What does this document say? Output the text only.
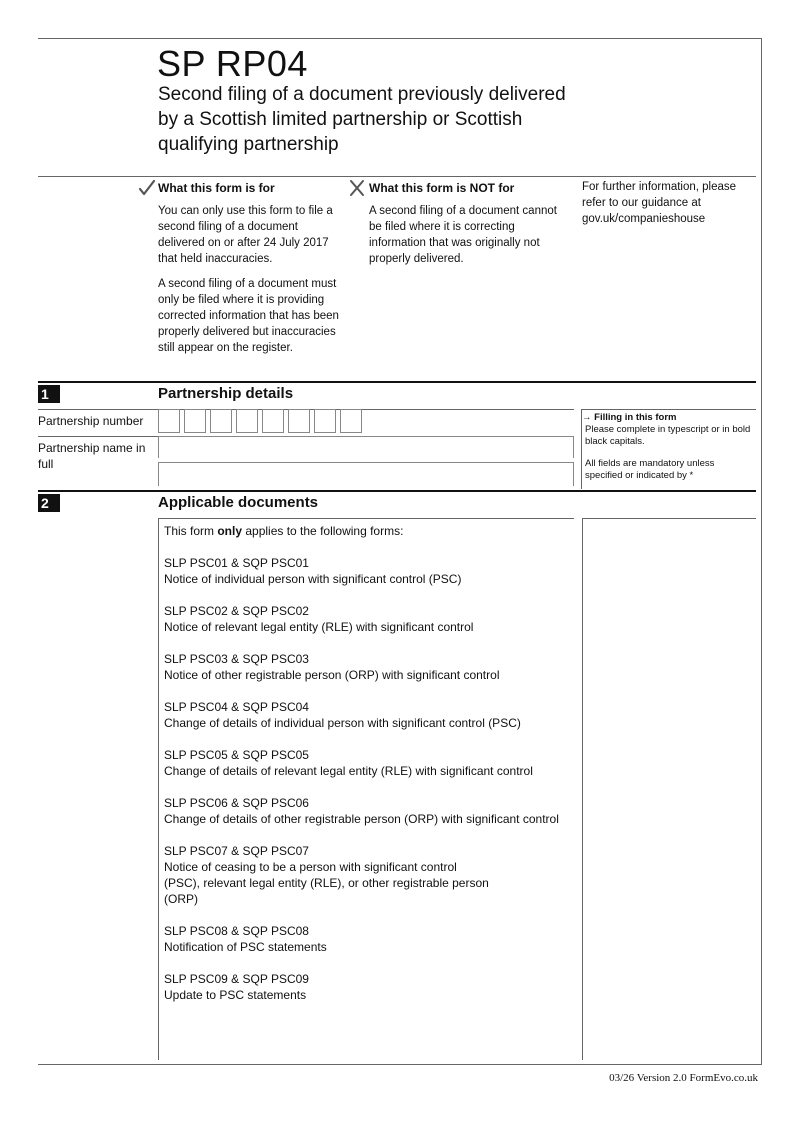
SP RP04
Second filing of a document previously delivered by a Scottish limited partnership or Scottish qualifying partnership
What this form is for

You can only use this form to file a second filing of a document delivered on or after 24 July 2017 that held inaccuracies.

A second filing of a document must only be filed where it is providing corrected information that has been properly delivered but inaccuracies still appear on the register.

What this form is NOT for

A second filing of a document cannot be filed where it is correcting information that was originally not properly delivered.

For further information, please refer to our guidance at gov.uk/companieshouse
1	Partnership details
Partnership number
Partnership name in full
→ Filling in this form
Please complete in typescript or in bold black capitals.
All fields are mandatory unless specified or indicated by *
2	Applicable documents
This form only applies to the following forms:
SLP PSC01 & SQP PSC01
Notice of individual person with significant control (PSC)
SLP PSC02 & SQP PSC02
Notice of relevant legal entity (RLE) with significant control
SLP PSC03 & SQP PSC03
Notice of other registrable person (ORP) with significant control
SLP PSC04 & SQP PSC04
Change of details of individual person with significant control (PSC)
SLP PSC05 & SQP PSC05
Change of details of relevant legal entity (RLE) with significant control
SLP PSC06 & SQP PSC06
Change of details of other registrable person (ORP) with significant control
SLP PSC07 & SQP PSC07
Notice of ceasing to be a person with significant control (PSC), relevant legal entity (RLE), or other registrable person (ORP)
SLP PSC08 & SQP PSC08
Notification of PSC statements
SLP PSC09 & SQP PSC09
Update to PSC statements
03/26 Version 2.0 FormEvo.co.uk
